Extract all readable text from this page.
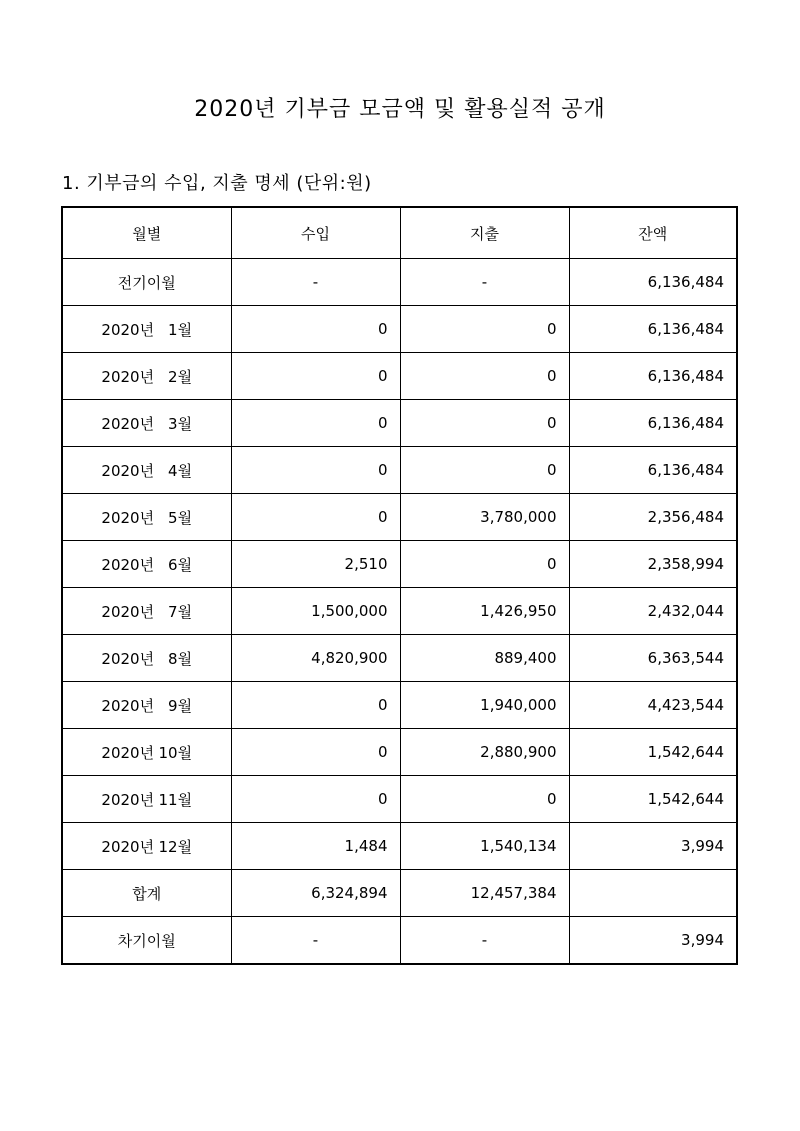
2020년 기부금 모금액 및 활용실적 공개
1. 기부금의 수입, 지출 명세 (단위:원)
월별	수입	지출	잔액
전기이월	-	-	6,136,484
2020년 1월	0	0	6,136,484
2020년 2월	0	0	6,136,484
2020년 3월	0	0	6,136,484
2020년 4월	0	0	6,136,484
2020년 5월	0	3,780,000	2,356,484
2020년 6월	2,510	0	2,358,994
2020년 7월	1,500,000	1,426,950	2,432,044
2020년 8월	4,820,900	889,400	6,363,544
2020년 9월	0	1,940,000	4,423,544
2020년 10월	0	2,880,900	1,542,644
2020년 11월	0	0	1,542,644
2020년 12월	1,484	1,540,134	3,994
합계	6,324,894	12,457,384	
차기이월	-	-	3,994
